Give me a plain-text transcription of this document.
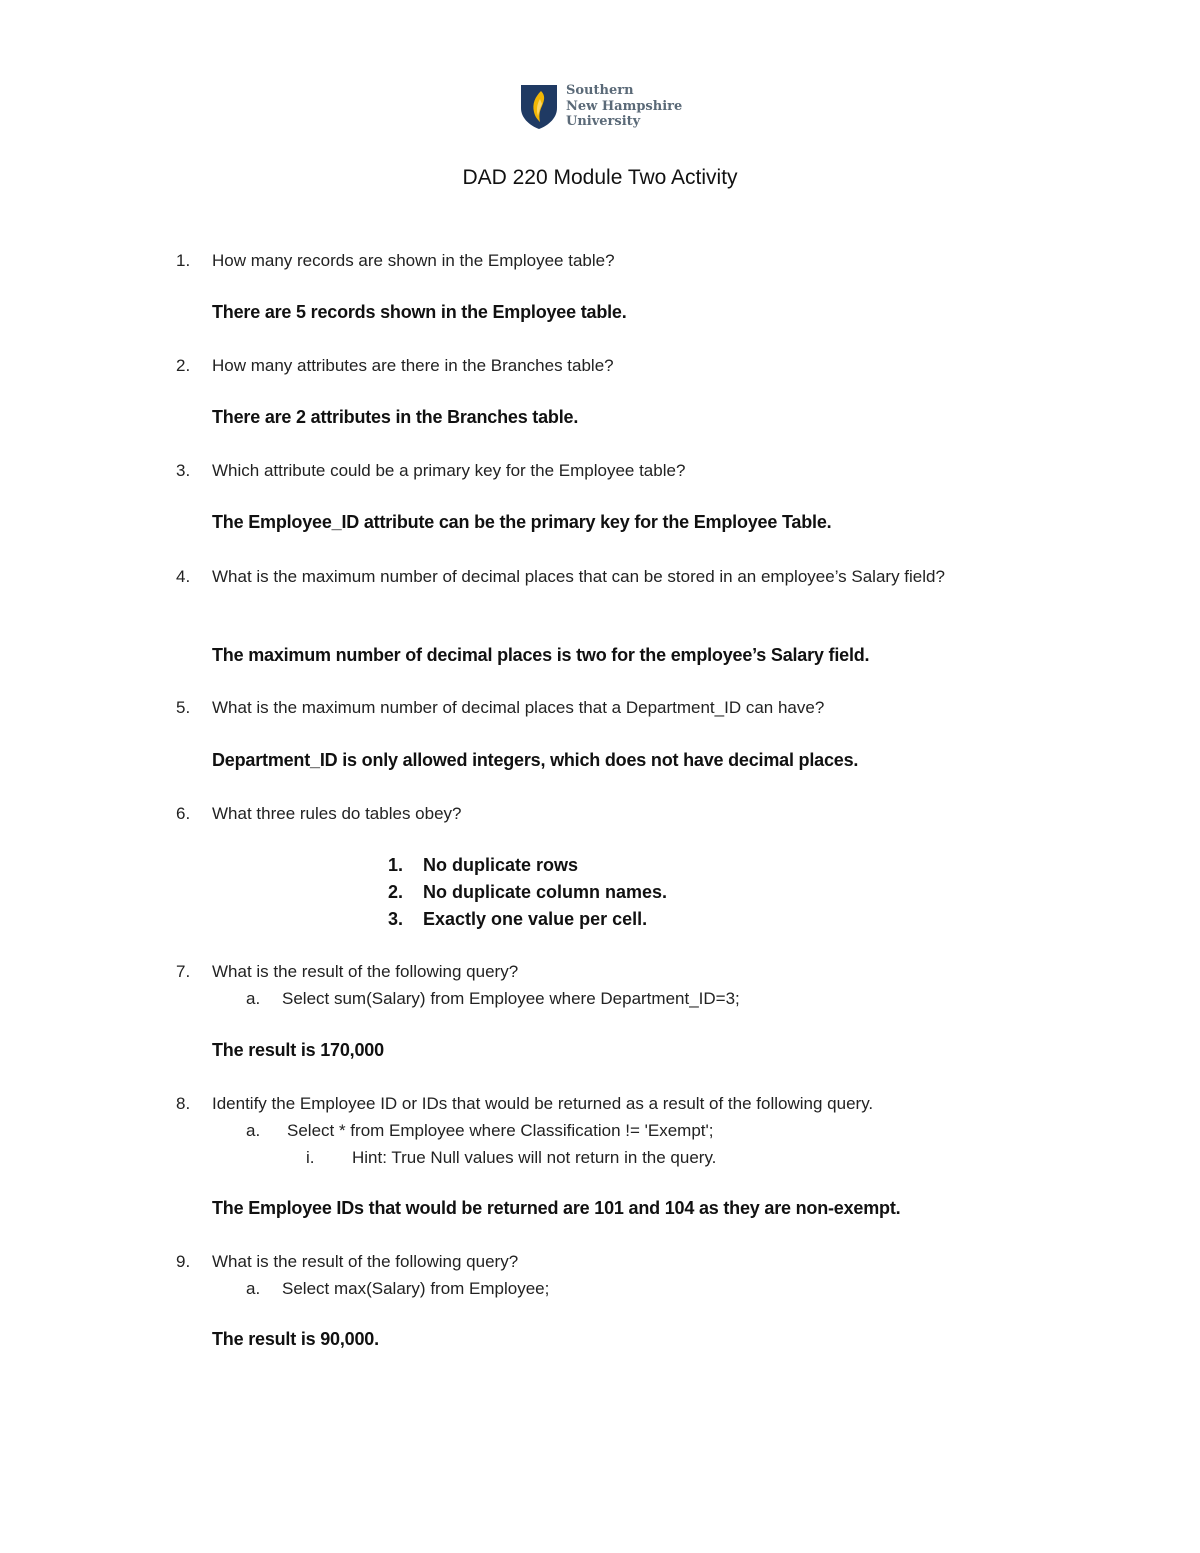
Southern
New Hampshire
University
DAD 220 Module Two Activity
1.	How many records are shown in the Employee table?
There are 5 records shown in the Employee table.
2.	How many attributes are there in the Branches table?
There are 2 attributes in the Branches table.
3.	Which attribute could be a primary key for the Employee table?
The Employee_ID attribute can be the primary key for the Employee Table.
4.	What is the maximum number of decimal places that can be stored in an employee’s Salary field?
The maximum number of decimal places is two for the employee’s Salary field.
5.	What is the maximum number of decimal places that a Department_ID can have?
Department_ID is only allowed integers, which does not have decimal places.
6.	What three rules do tables obey?
1. No duplicate rows
2. No duplicate column names.
3. Exactly one value per cell.
7.	What is the result of the following query?
a. Select sum(Salary) from Employee where Department_ID=3;
The result is 170,000
8.	Identify the Employee ID or IDs that would be returned as a result of the following query.
a. Select * from Employee where Classification != 'Exempt';
i. Hint: True Null values will not return in the query.
The Employee IDs that would be returned are 101 and 104 as they are non-exempt.
9.	What is the result of the following query?
a. Select max(Salary) from Employee;
The result is 90,000.
